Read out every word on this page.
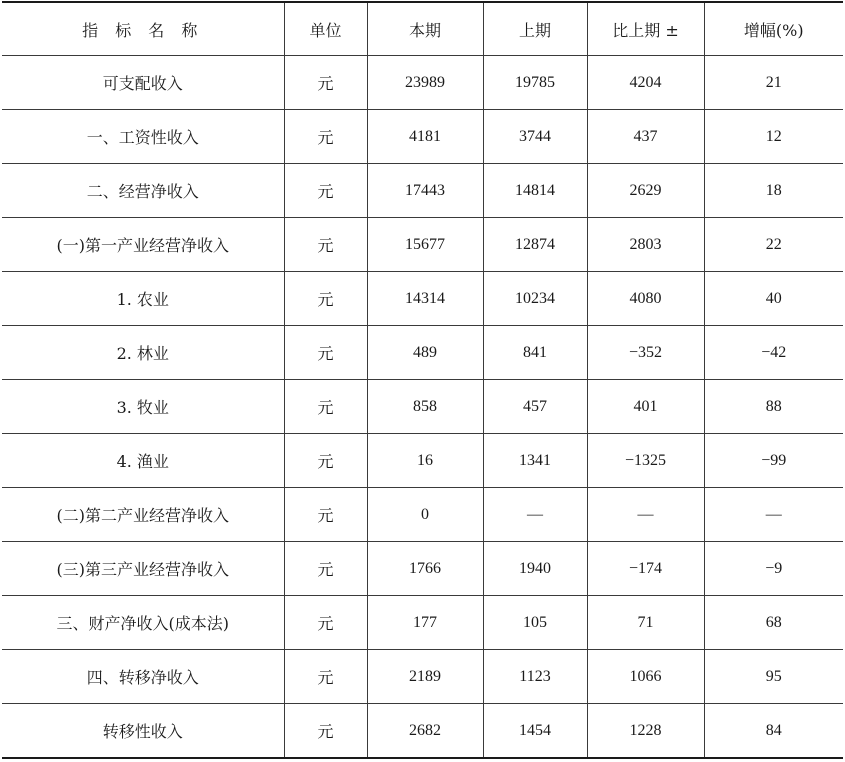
指 标 名 称	单位	本期	上期	比上期 ±	增幅(%)
可支配收入	元	23989	19785	4204	21
一、工资性收入	元	4181	3744	437	12
二、经营净收入	元	17443	14814	2629	18
(一)第一产业经营净收入	元	15677	12874	2803	22
1. 农业	元	14314	10234	4080	40
2. 林业	元	489	841	−352	−42
3. 牧业	元	858	457	401	88
4. 渔业	元	16	1341	−1325	−99
(二)第二产业经营净收入	元	0	—	—	—
(三)第三产业经营净收入	元	1766	1940	−174	−9
三、财产净收入(成本法)	元	177	105	71	68
四、转移净收入	元	2189	1123	1066	95
转移性收入	元	2682	1454	1228	84
